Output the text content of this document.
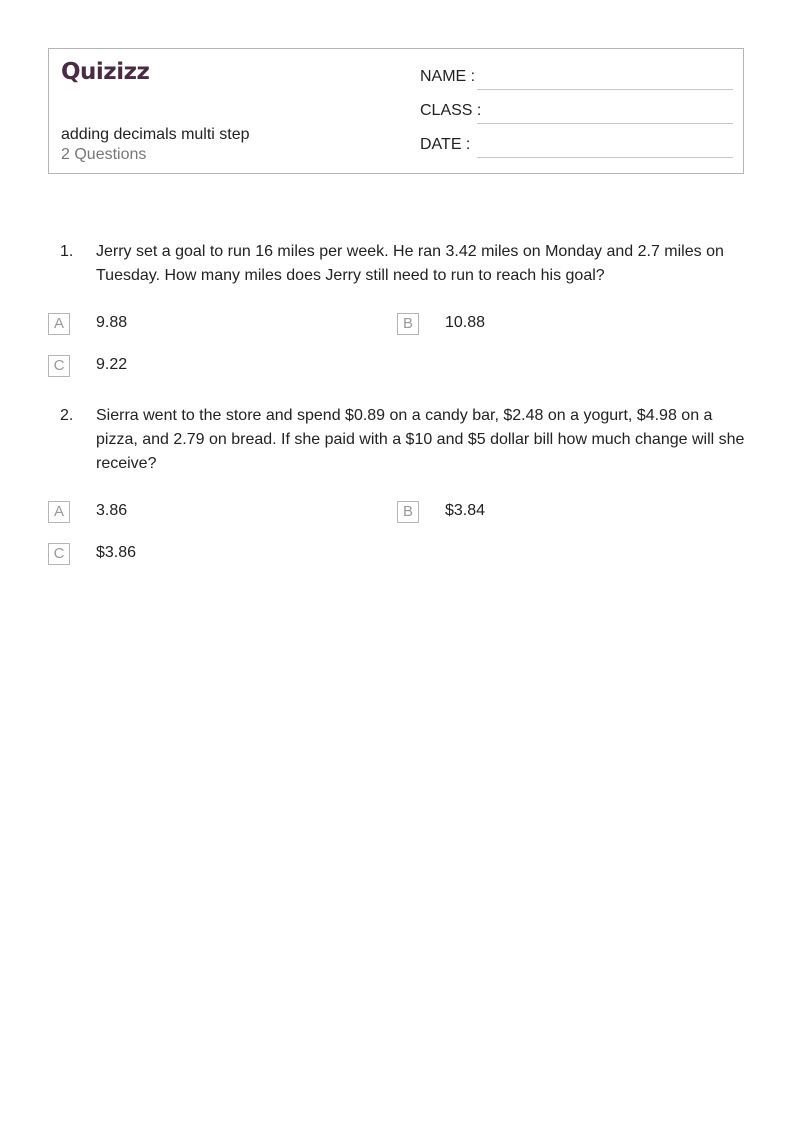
Quizizz
adding decimals multi step
2 Questions
NAME :
CLASS :
DATE :
1. Jerry set a goal to run 16 miles per week. He ran 3.42 miles on Monday and 2.7 miles on Tuesday. How many miles does Jerry still need to run to reach his goal?
A	9.88	B	10.88
C	9.22
2. Sierra went to the store and spend $0.89 on a candy bar, $2.48 on a yogurt, $4.98 on a pizza, and 2.79 on bread. If she paid with a $10 and $5 dollar bill how much change will she receive?
A	3.86	B	$3.84
C	$3.86
